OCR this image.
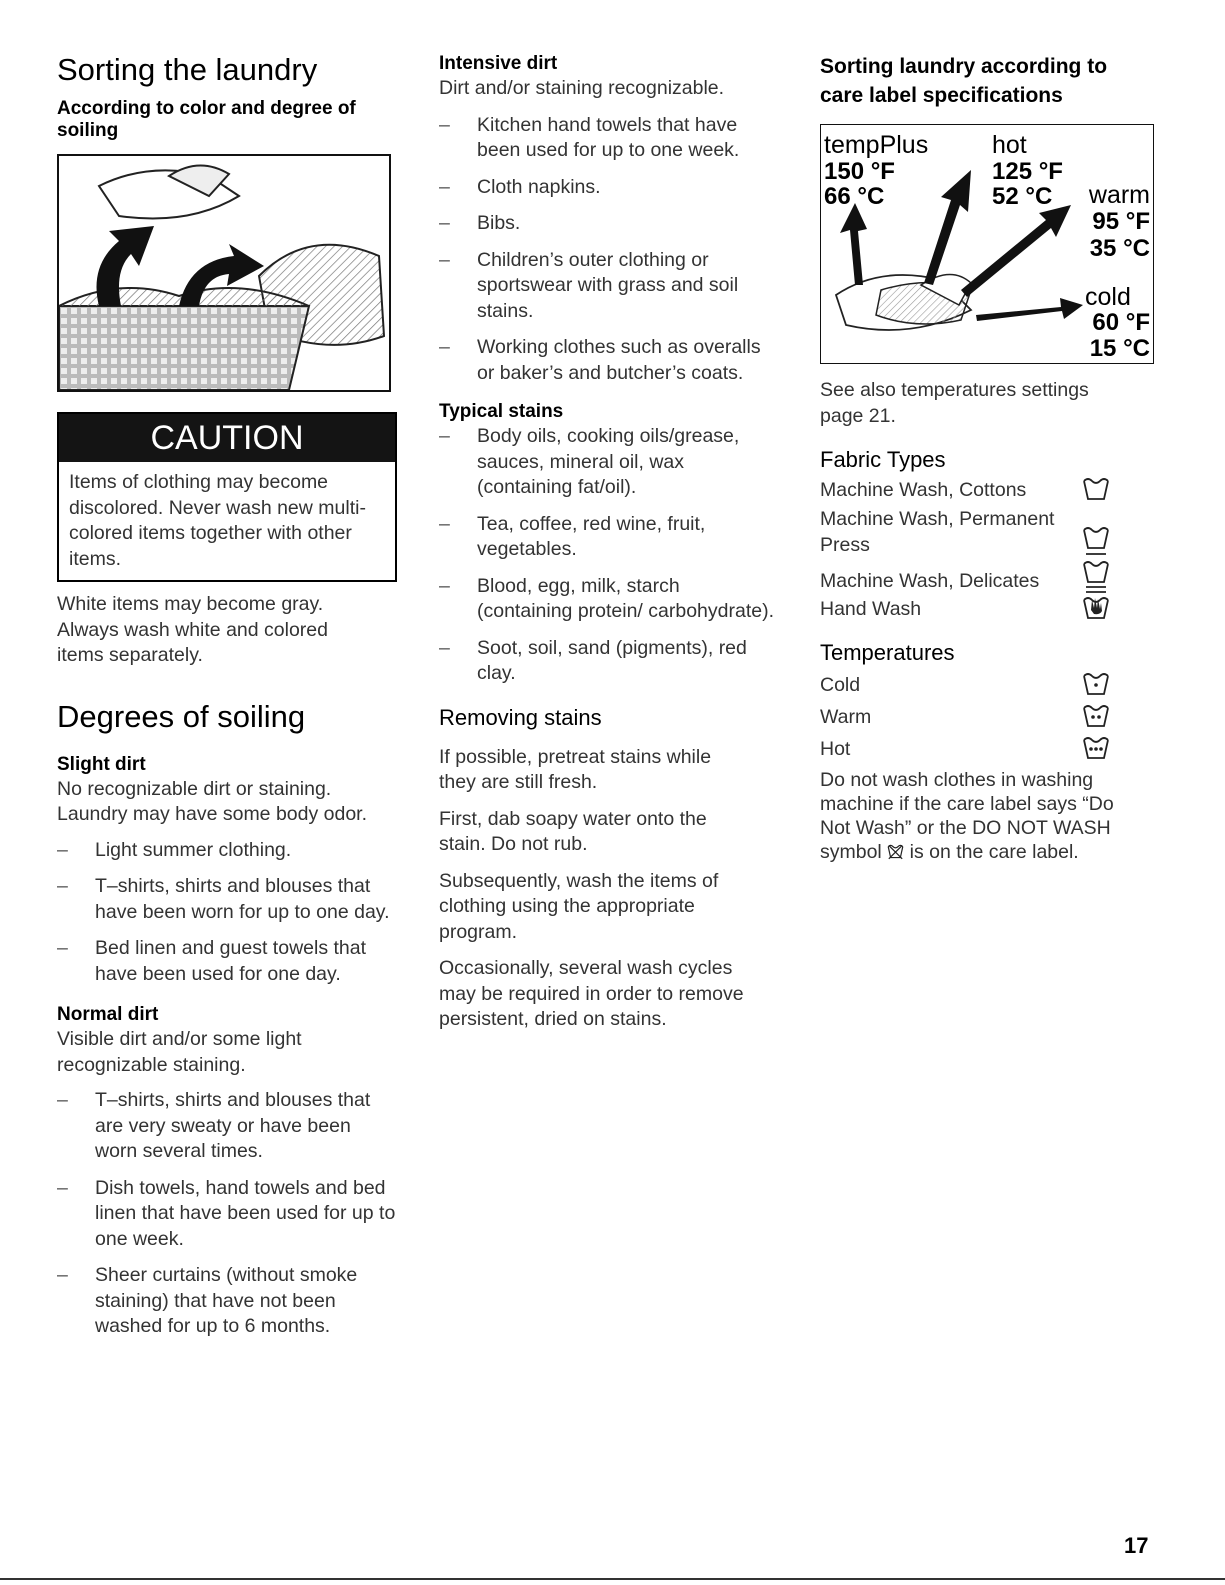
Sorting the laundry
According to color and degree of soiling
CAUTION
Items of clothing may become discolored. Never wash new multi-colored items together with other items.
White items may become gray. Always wash white and colored items separately.
Degrees of soiling
Slight dirt
No recognizable dirt or staining. Laundry may have some body odor.
– Light summer clothing.
– T–shirts, shirts and blouses that have been worn for up to one day.
– Bed linen and guest towels that have been used for one day.
Normal dirt
Visible dirt and/or some light recognizable staining.
– T–shirts, shirts and blouses that are very sweaty or have been worn several times.
– Dish towels, hand towels and bed linen that have been used for up to one week.
– Sheer curtains (without smoke staining) that have not been washed for up to 6 months.
Intensive dirt
Dirt and/or staining recognizable.
– Kitchen hand towels that have been used for up to one week.
– Cloth napkins.
– Bibs.
– Children’s outer clothing or sportswear with grass and soil stains.
– Working clothes such as overalls or baker’s and butcher’s coats.
Typical stains
– Body oils, cooking oils/grease, sauces, mineral oil, wax (containing fat/oil).
– Tea, coffee, red wine, fruit, vegetables.
– Blood, egg, milk, starch (containing protein/ carbohydrate).
– Soot, soil, sand (pigments), red clay.
Removing stains
If possible, pretreat stains while they are still fresh.
First, dab soapy water onto the stain. Do not rub.
Subsequently, wash the items of clothing using the appropriate program.
Occasionally, several wash cycles may be required in order to remove persistent, dried on stains.
Sorting laundry according to care label specifications
tempPlus
150 °F
66 °C
hot
125 °F
52 °C warm
95 °F
35 °C
cold
60 °F
15 °C
See also temperatures settings page 21.
Fabric Types
Machine Wash, Cottons
Machine Wash, Permanent Press
Machine Wash, Delicates
Hand Wash
Temperatures
Cold
Warm
Hot
Do not wash clothes in washing machine if the care label says “Do Not Wash” or the DO NOT WASH symbol is on the care label.
17
